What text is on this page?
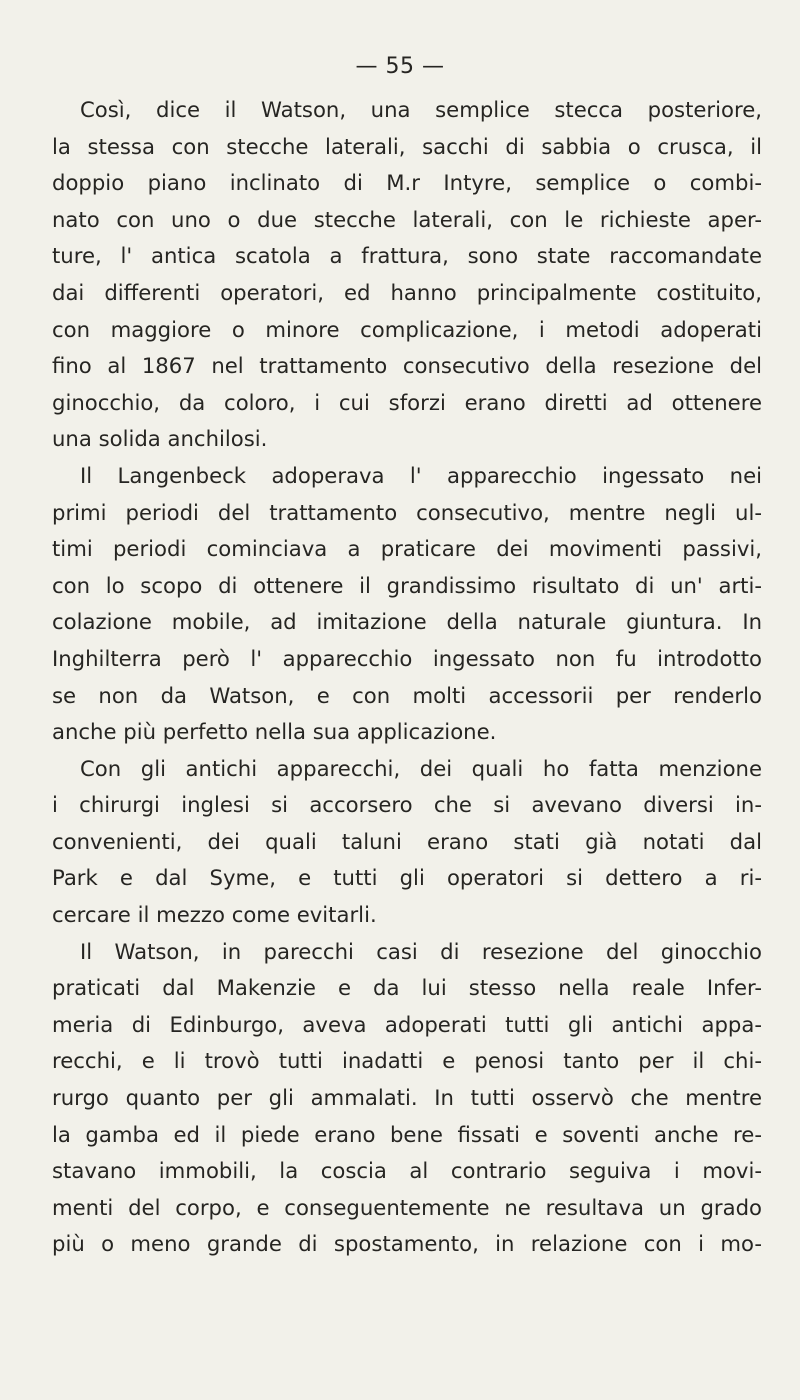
— 55 —
Così, dice il Watson, una semplice stecca posteriore,
la stessa con stecche laterali, sacchi di sabbia o crusca, il
doppio piano inclinato di M.r Intyre, semplice o combi-
nato con uno o due stecche laterali, con le richieste aper-
ture, l' antica scatola a frattura, sono state raccomandate
dai differenti operatori, ed hanno principalmente costituito,
con maggiore o minore complicazione, i metodi adoperati
fino al 1867 nel trattamento consecutivo della resezione del
ginocchio, da coloro, i cui sforzi erano diretti ad ottenere
una solida anchilosi.
Il Langenbeck adoperava l' apparecchio ingessato nei
primi periodi del trattamento consecutivo, mentre negli ul-
timi periodi cominciava a praticare dei movimenti passivi,
con lo scopo di ottenere il grandissimo risultato di un' arti-
colazione mobile, ad imitazione della naturale giuntura. In
Inghilterra però l' apparecchio ingessato non fu introdotto
se non da Watson, e con molti accessorii per renderlo
anche più perfetto nella sua applicazione.
Con gli antichi apparecchi, dei quali ho fatta menzione
i chirurgi inglesi si accorsero che si avevano diversi in-
convenienti, dei quali taluni erano stati già notati dal
Park e dal Syme, e tutti gli operatori si dettero a ri-
cercare il mezzo come evitarli.
Il Watson, in parecchi casi di resezione del ginocchio
praticati dal Makenzie e da lui stesso nella reale Infer-
meria di Edinburgo, aveva adoperati tutti gli antichi appa-
recchi, e li trovò tutti inadatti e penosi tanto per il chi-
rurgo quanto per gli ammalati. In tutti osservò che mentre
la gamba ed il piede erano bene fissati e soventi anche re-
stavano immobili, la coscia al contrario seguiva i movi-
menti del corpo, e conseguentemente ne resultava un grado
più o meno grande di spostamento, in relazione con i mo-
